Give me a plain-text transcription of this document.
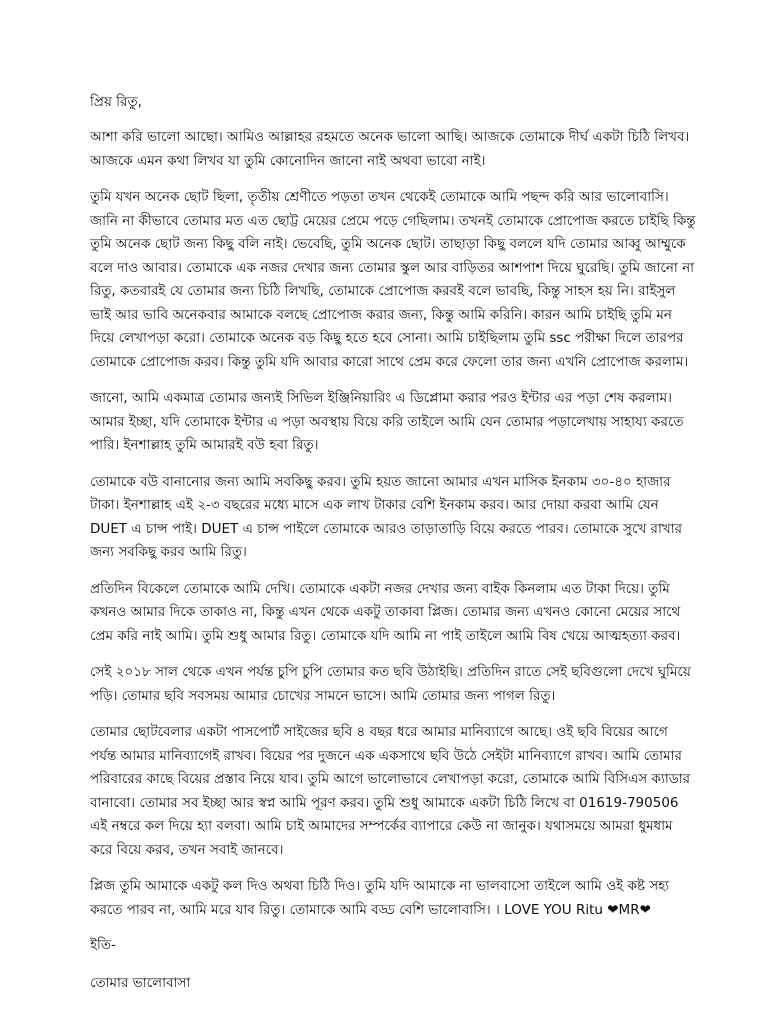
প্রিয় রিতু,

আশা করি ভালো আছো। আমিও আল্লাহর রহমতে অনেক ভালো আছি। আজকে তোমাকে দীর্ঘ একটা চিঠি লিখব। আজকে এমন কথা লিখব যা তুমি কোনোদিন জানো নাই অথবা ভাবো নাই।

তুমি যখন অনেক ছোট ছিলা, তৃতীয় শ্রেণীতে পড়তা তখন থেকেই তোমাকে আমি পছন্দ করি আর ভালোবাসি। জানি না কীভাবে তোমার মত এত ছোট্ট মেয়ের প্রেমে পড়ে গেছিলাম। তখনই তোমাকে প্রোপোজ করতে চাইছি কিন্তু তুমি অনেক ছোট জন্য কিছু বলি নাই। ভেবেছি, তুমি অনেক ছোট। তাছাড়া কিছু বললে যদি তোমার আব্বু আম্মুকে বলে দাও আবার। তোমাকে এক নজর দেখার জন্য তোমার স্কুল আর বাড়িতর আশপাশ দিয়ে ঘুরেছি। তুমি জানো না রিতু, কতবারই যে তোমার জন্য চিঠি লিখছি, তোমাকে প্রোপোজ করবই বলে ভাবছি, কিন্তু সাহস হয় নি। রাইসুল ভাই আর ভাবি অনেকবার আমাকে বলছে প্রোপোজ করার জন্য, কিন্তু আমি করিনি। কারন আমি চাইছি তুমি মন দিয়ে লেখাপড়া করো। তোমাকে অনেক বড় কিছু হতে হবে সোনা। আমি চাইছিলাম তুমি ssc পরীক্ষা দিলে তারপর তোমাকে প্রোপোজ করব। কিন্তু তুমি যদি আবার কারো সাথে প্রেম করে ফেলো তার জন্য এখনি প্রোপোজ করলাম।

জানো, আমি একমাত্র তোমার জন্যই সিভিল ইঞ্জিনিয়ারিং এ ডিপ্লোমা করার পরও ইন্টার এর পড়া শেষ করলাম। আমার ইচ্ছা, যদি তোমাকে ইন্টার এ পড়া অবস্থায় বিয়ে করি তাইলে আমি যেন তোমার পড়ালেখায় সাহায্য করতে পারি। ইনশাল্লাহ তুমি আমারই বউ হবা রিতু।

তোমাকে বউ বানানোর জন্য আমি সবকিছু করব। তুমি হয়ত জানো আমার এখন মাসিক ইনকাম ৩০-৪০ হাজার টাকা। ইনশাল্লাহ এই ২-৩ বছরের মধ্যে মাসে এক লাখ টাকার বেশি ইনকাম করব। আর দোয়া করবা আমি যেন DUET এ চান্স পাই। DUET এ চান্স পাইলে তোমাকে আরও তাড়াতাড়ি বিয়ে করতে পারব। তোমাকে সুখে রাখার জন্য সবকিছু করব আমি রিতু।

প্রতিদিন বিকেলে তোমাকে আমি দেখি। তোমাকে একটা নজর দেখার জন্য বাইক কিনলাম এত টাকা দিয়ে। তুমি কখনও আমার দিকে তাকাও না, কিন্তু এখন থেকে একটু তাকাবা প্লিজ। তোমার জন্য এখনও কোনো মেয়ের সাথে প্রেম করি নাই আমি। তুমি শুধু আমার রিতু। তোমাকে যদি আমি না পাই তাইলে আমি বিষ খেয়ে আত্মহত্যা করব।

সেই ২০১৮ সাল থেকে এখন পর্যন্ত চুপি চুপি তোমার কত ছবি উঠাইছি। প্রতিদিন রাতে সেই ছবিগুলো দেখে ঘুমিয়ে পড়ি। তোমার ছবি সবসময় আমার চোখের সামনে ভাসে। আমি তোমার জন্য পাগল রিতু।

তোমার ছোটবেলার একটা পাসপোর্ট সাইজের ছবি ৪ বছর ধরে আমার মানিব্যাগে আছে। ওই ছবি বিয়ের আগে পর্যন্ত আমার মানিব্যাগেই রাখব। বিয়ের পর দুজনে এক একসাথে ছবি উঠে সেইটা মানিব্যাগে রাখব। আমি তোমার পরিবারের কাছে বিয়ের প্রস্তাব নিয়ে যাব। তুমি আগে ভালোভাবে লেখাপড়া করো, তোমাকে আমি বিসিএস ক্যাডার বানাবো। তোমার সব ইচ্ছা আর স্বপ্ন আমি পূরণ করব। তুমি শুধু আমাকে একটা চিঠি লিখে বা 01619-790506 এই নম্বরে কল দিয়ে হ্যা বলবা। আমি চাই আমাদের সম্পর্কের ব্যাপারে কেউ না জানুক। যথাসময়ে আমরা ধুমধাম করে বিয়ে করব, তখন সবাই জানবে।

প্লিজ তুমি আমাকে একটু কল দিও অথবা চিঠি দিও। তুমি যদি আমাকে না ভালবাসো তাইলে আমি ওই কষ্ট সহ্য করতে পারব না, আমি মরে যাব রিতু। তোমাকে আমি বড্ড বেশি ভালোবাসি। । LOVE YOU Ritu ❤MR❤

ইতি-

তোমার ভালোবাসা
